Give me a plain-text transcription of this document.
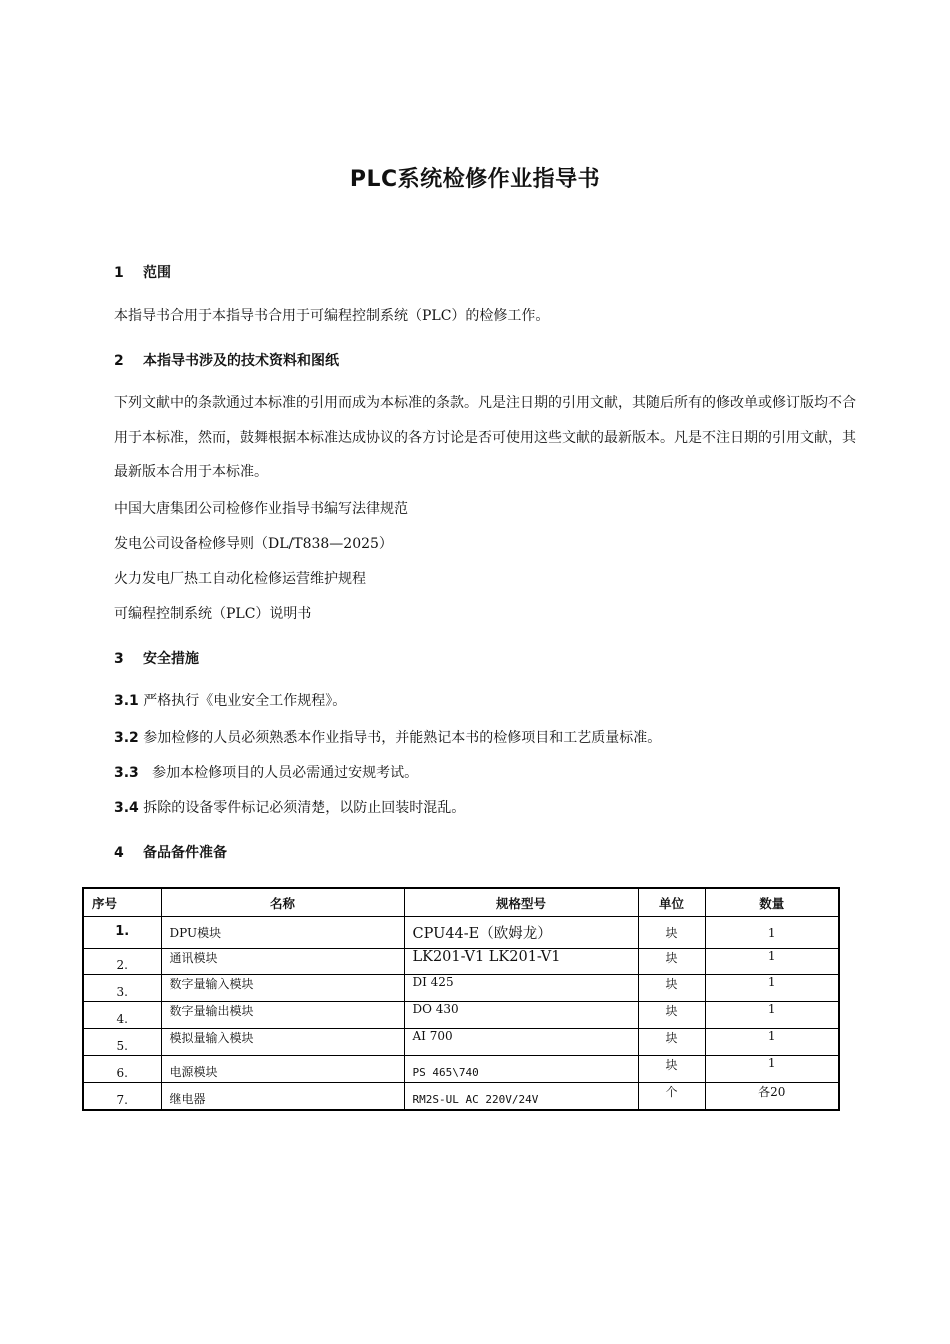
PLC系统检修作业指导书
1 范围
本指导书合用于本指导书合用于可编程控制系统（PLC）的检修工作。
2 本指导书涉及的技术资料和图纸
下列文献中的条款通过本标准的引用而成为本标准的条款。凡是注日期的引用文献，其随后所有的修改单或修订版均不合用于本标准，然而，鼓舞根据本标准达成协议的各方讨论是否可使用这些文献的最新版本。凡是不注日期的引用文献，其最新版本合用于本标准。
中国大唐集团公司检修作业指导书编写法律规范
发电公司设备检修导则（DL/T838—2025）
火力发电厂热工自动化检修运营维护规程
可编程控制系统（PLC）说明书
3 安全措施
3.1 严格执行《电业安全工作规程》。
3.2 参加检修的人员必须熟悉本作业指导书，并能熟记本书的检修项目和工艺质量标准。
3.3 参加本检修项目的人员必需通过安规考试。
3.4 拆除的设备零件标记必须清楚，以防止回装时混乱。
4 备品备件准备
序号	名称	规格型号	单位	数量
1.	DPU模块	CPU44-E（欧姆龙）	块	1
2.	通讯模块	LK201-V1 LK201-V1	块	1
3.	数字量输入模块	DI 425	块	1
4.	数字量输出模块	DO 430	块	1
5.	模拟量输入模块	AI 700	块	1
6.	电源模块	PS 465\740	块	1
7.	继电器	RM2S-UL AC 220V/24V	个	各20
